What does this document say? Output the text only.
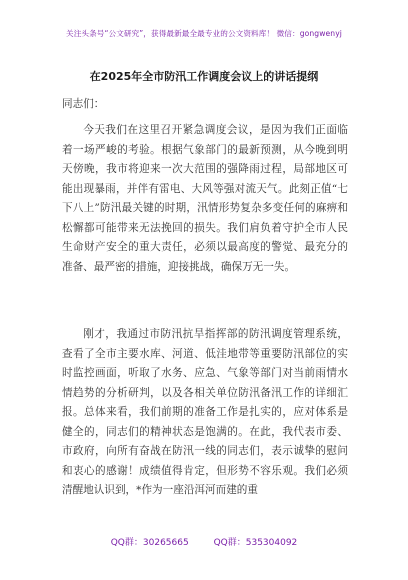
关注头条号“公文研究”，获得最新最全最专业的公文资料库！ 微信：gongwenyj
在2025年全市防汛工作调度会议上的讲话提纲
同志们：

今天我们在这里召开紧急调度会议，是因为我们正面临着一场严峻的考验。根据气象部门的最新预测，从今晚到明天傍晚，我市将迎来一次大范围的强降雨过程，局部地区可能出现暴雨，并伴有雷电、大风等强对流天气。此刻正值“七下八上”防汛最关键的时期，汛情形势复杂多变任何的麻痹和松懈都可能带来无法挽回的损失。我们肩负着守护全市人民生命财产安全的重大责任，必须以最高度的警觉、最充分的准备、最严密的措施，迎接挑战，确保万无一失。

刚才，我通过市防汛抗旱指挥部的防汛调度管理系统，查看了全市主要水库、河道、低洼地带等重要防汛部位的实时监控画面，听取了水务、应急、气象等部门对当前雨情水情趋势的分析研判，以及各相关单位防汛备汛工作的详细汇报。总体来看，我们前期的准备工作是扎实的，应对体系是健全的，同志们的精神状态是饱满的。在此，我代表市委、市政府，向所有奋战在防汛一线的同志们，表示诚挚的慰问和衷心的感谢！成绩值得肯定，但形势不容乐观。我们必须清醒地认识到，*作为一座沿洱河而建的重

QQ群：30265665	QQ群：535304092
